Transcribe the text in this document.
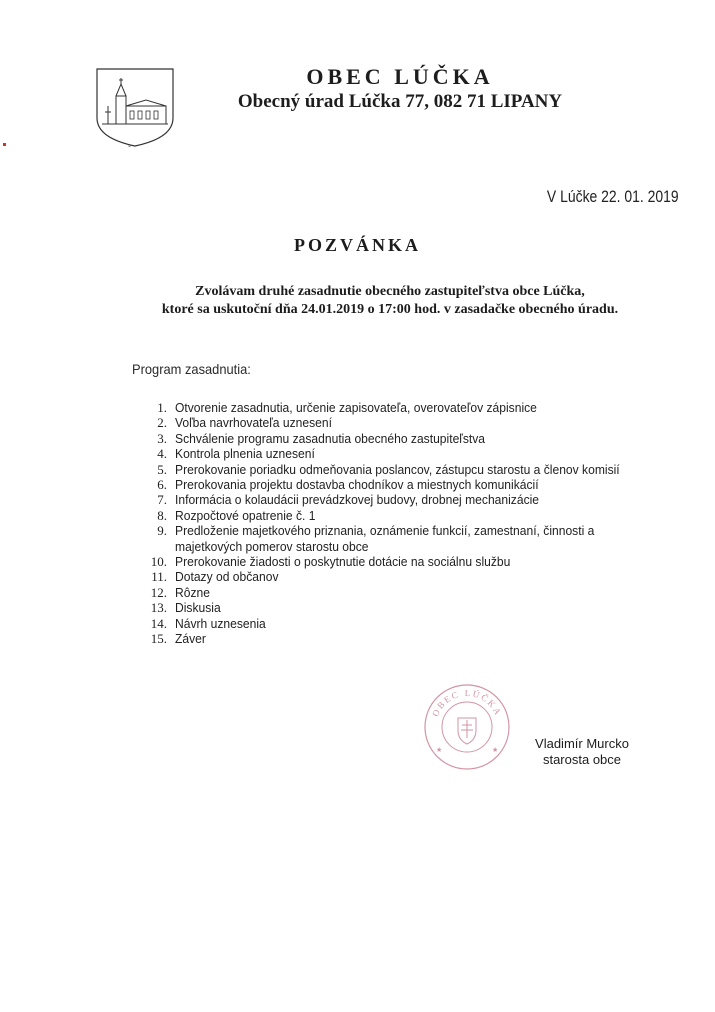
ˇ
OBEC LÚČKA
Obecný úrad Lúčka 77, 082 71 LIPANY
V Lúčke 22. 01. 2019
POZVÁNKA
Zvolávam druhé zasadnutie obecného zastupiteľstva obce Lúčka,
ktoré sa uskutoční dňa 24.01.2019 o 17:00 hod. v zasadačke obecného úradu.
Program zasadnutia:
1. Otvorenie zasadnutia, určenie zapisovateľa, overovateľov zápisnice
2. Voľba navrhovateľa uznesení
3. Schválenie programu zasadnutia obecného zastupiteľstva
4. Kontrola plnenia uznesení
5. Prerokovanie poriadku odmeňovania poslancov, zástupcu starostu a členov komisií
6. Prerokovania projektu dostavba chodníkov a miestnych komunikácií
7. Informácia o kolaudácii prevádzkovej budovy, drobnej mechanizácie
8. Rozpočtové opatrenie č. 1
9. Predloženie majetkového priznania, oznámenie funkcií, zamestnaní, činnosti a majetkových pomerov starostu obce
10. Prerokovanie žiadosti o poskytnutie dotácie na sociálnu službu
11. Dotazy od občanov
12. Rôzne
13. Diskusia
14. Návrh uznesenia
15. Záver
OBEC LÚČKA
★	★	Vladimír Murcko
starosta obce
